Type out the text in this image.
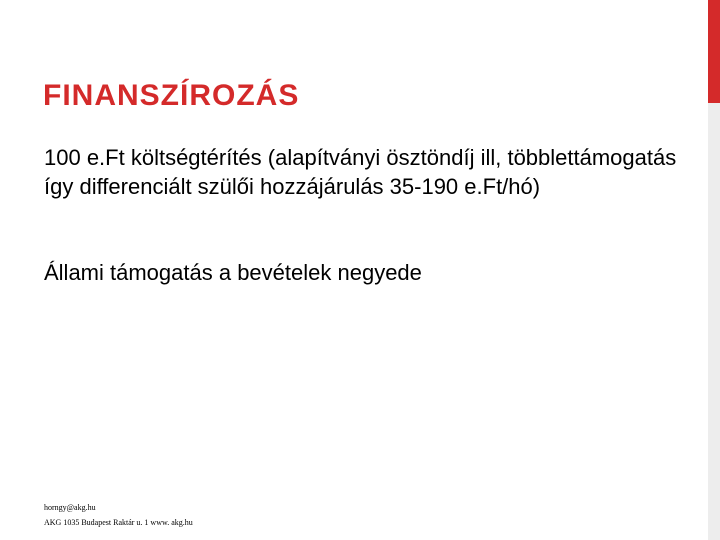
FINANSZÍROZÁS
100 e.Ft költségtérítés (alapítványi ösztöndíj ill, többlettámogatás így differenciált szülői hozzájárulás 35-190 e.Ft/hó)
Állami támogatás a bevételek negyede
horngy@akg.hu
AKG 1035 Budapest Raktár u. 1 www. akg.hu
